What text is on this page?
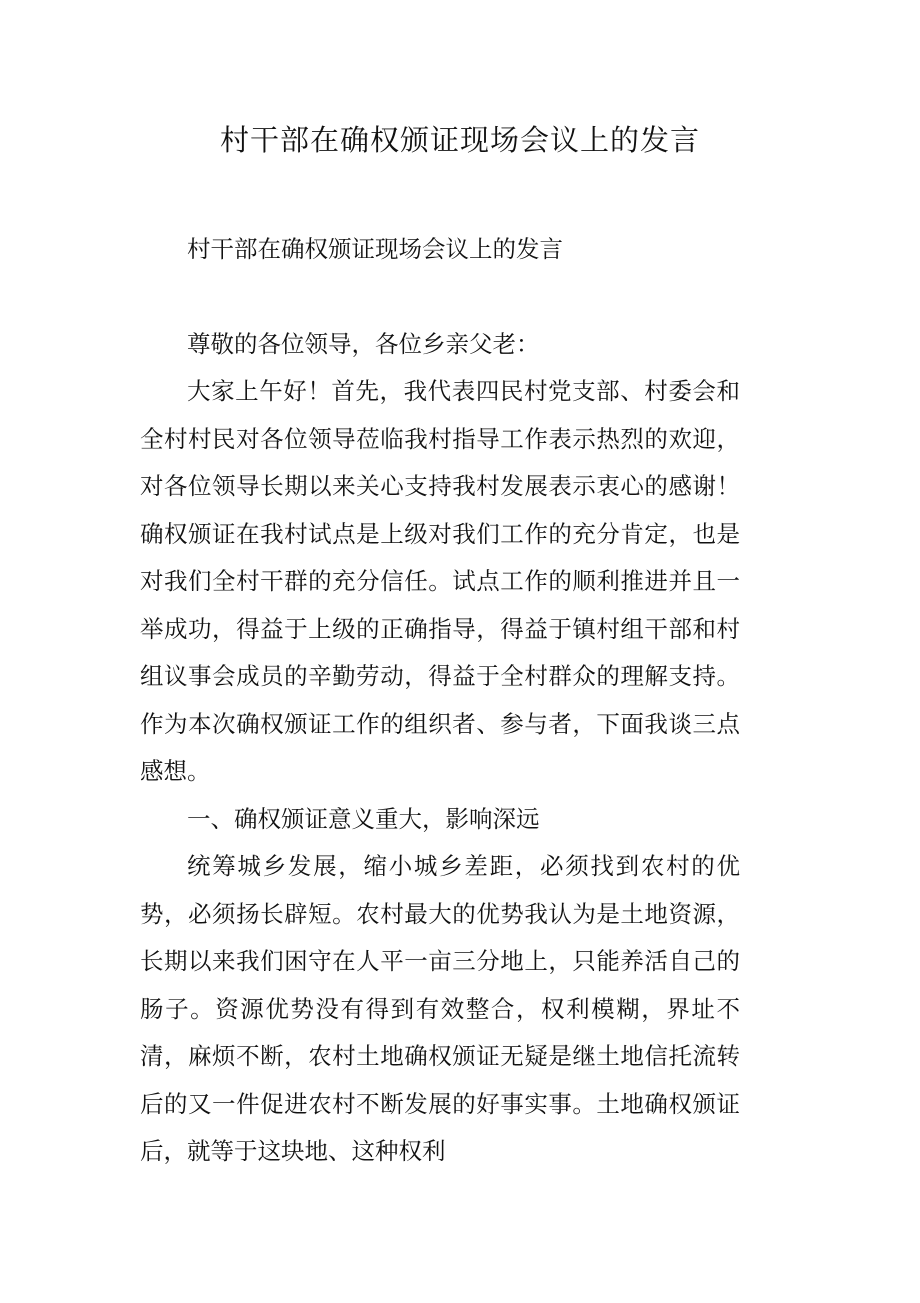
村干部在确权颁证现场会议上的发言

村干部在确权颁证现场会议上的发言

尊敬的各位领导，各位乡亲父老：

大家上午好！首先，我代表四民村党支部、村委会和全村村民对各位领导莅临我村指导工作表示热烈的欢迎，对各位领导长期以来关心支持我村发展表示衷心的感谢！确权颁证在我村试点是上级对我们工作的充分肯定，也是对我们全村干群的充分信任。试点工作的顺利推进并且一举成功，得益于上级的正确指导，得益于镇村组干部和村组议事会成员的辛勤劳动，得益于全村群众的理解支持。作为本次确权颁证工作的组织者、参与者，下面我谈三点感想。

一、确权颁证意义重大，影响深远

统筹城乡发展，缩小城乡差距，必须找到农村的优势，必须扬长辟短。农村最大的优势我认为是土地资源，长期以来我们困守在人平一亩三分地上，只能养活自己的肠子。资源优势没有得到有效整合，权利模糊，界址不清，麻烦不断，农村土地确权颁证无疑是继土地信托流转后的又一件促进农村不断发展的好事实事。土地确权颁证后，就等于这块地、这种权利
